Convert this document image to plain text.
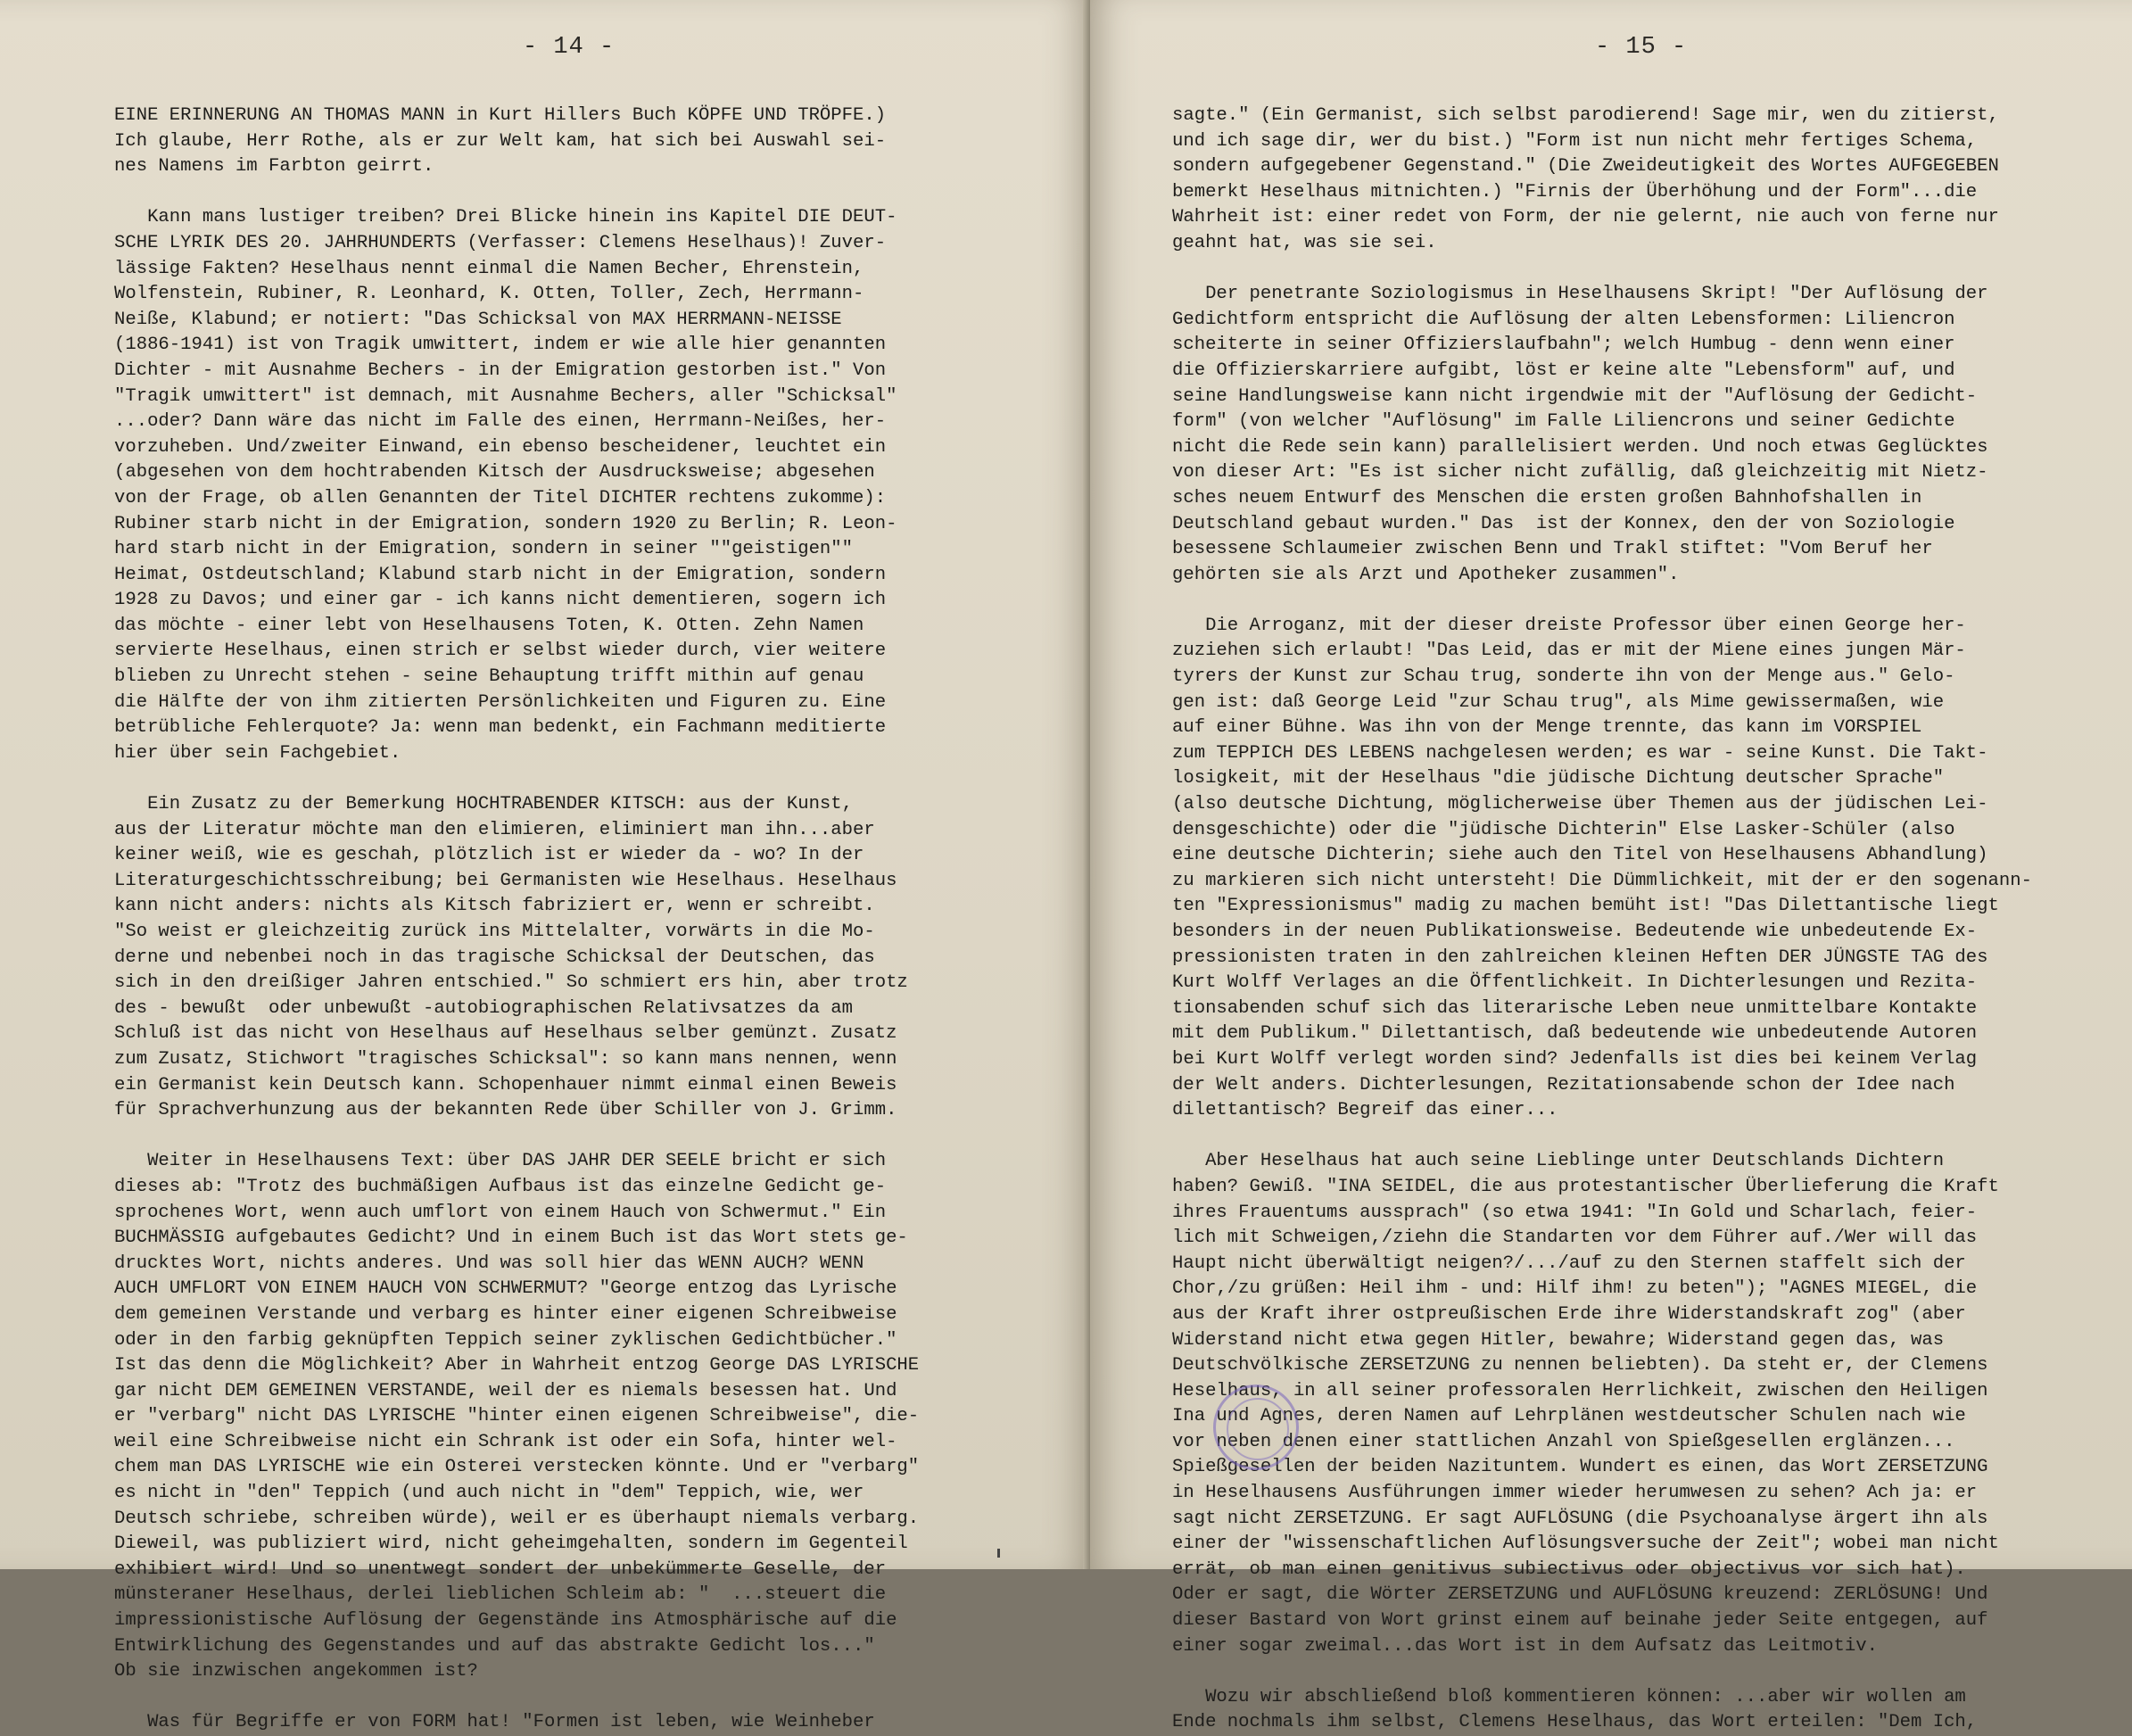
- 14 -
EINE ERINNERUNG AN THOMAS MANN in Kurt Hillers Buch KÖPFE UND TRÖPFE.)
Ich glaube, Herr Rothe, als er zur Welt kam, hat sich bei Auswahl sei-
nes Namens im Farbton geirrt.
Kann mans lustiger treiben? Drei Blicke hinein ins Kapitel DIE DEUT-
SCHE LYRIK DES 20. JAHRHUNDERTS (Verfasser: Clemens Heselhaus)! Zuver-
lässige Fakten? Heselhaus nennt einmal die Namen Becher, Ehrenstein,
Wolfenstein, Rubiner, R. Leonhard, K. Otten, Toller, Zech, Herrmann-
Neiße, Klabund; er notiert: "Das Schicksal von MAX HERRMANN-NEISSE
(1886-1941) ist von Tragik umwittert, indem er wie alle hier genannten
Dichter - mit Ausnahme Bechers - in der Emigration gestorben ist." Von
"Tragik umwittert" ist demnach, mit Ausnahme Bechers, aller "Schicksal"
...oder? Dann wäre das nicht im Falle des einen, Herrmann-Neißes, her-
vorzuheben. Und/zweiter Einwand, ein ebenso bescheidener, leuchtet ein
(abgesehen von dem hochtrabenden Kitsch der Ausdrucksweise; abgesehen
von der Frage, ob allen Genannten der Titel DICHTER rechtens zukomme):
Rubiner starb nicht in der Emigration, sondern 1920 zu Berlin; R. Leon-
hard starb nicht in der Emigration, sondern in seiner ""geistigen""
Heimat, Ostdeutschland; Klabund starb nicht in der Emigration, sondern
1928 zu Davos; und einer gar - ich kanns nicht dementieren, sogern ich
das möchte - einer lebt von Heselhausens Toten, K. Otten. Zehn Namen
servierte Heselhaus, einen strich er selbst wieder durch, vier weitere
blieben zu Unrecht stehen - seine Behauptung trifft mithin auf genau
die Hälfte der von ihm zitierten Persönlichkeiten und Figuren zu. Eine
betrübliche Fehlerquote? Ja: wenn man bedenkt, ein Fachmann meditierte
hier über sein Fachgebiet.
Ein Zusatz zu der Bemerkung HOCHTRABENDER KITSCH: aus der Kunst,
aus der Literatur möchte man den elimieren, eliminiert man ihn...aber
keiner weiß, wie es geschah, plötzlich ist er wieder da - wo? In der
Literaturgeschichtsschreibung; bei Germanisten wie Heselhaus. Heselhaus
kann nicht anders: nichts als Kitsch fabriziert er, wenn er schreibt.
"So weist er gleichzeitig zurück ins Mittelalter, vorwärts in die Mo-
derne und nebenbei noch in das tragische Schicksal der Deutschen, das
sich in den dreißiger Jahren entschied." So schmiert ers hin, aber trotz
des - bewußt  oder unbewußt -autobiographischen Relativsatzes da am
Schluß ist das nicht von Heselhaus auf Heselhaus selber gemünzt. Zusatz
zum Zusatz, Stichwort "tragisches Schicksal": so kann mans nennen, wenn
ein Germanist kein Deutsch kann. Schopenhauer nimmt einmal einen Beweis
für Sprachverhunzung aus der bekannten Rede über Schiller von J. Grimm.
Weiter in Heselhausens Text: über DAS JAHR DER SEELE bricht er sich
dieses ab: "Trotz des buchmäßigen Aufbaus ist das einzelne Gedicht ge-
sprochenes Wort, wenn auch umflort von einem Hauch von Schwermut." Ein
BUCHMÄSSIG aufgebautes Gedicht? Und in einem Buch ist das Wort stets ge-
drucktes Wort, nichts anderes. Und was soll hier das WENN AUCH? WENN
AUCH UMFLORT VON EINEM HAUCH VON SCHWERMUT? "George entzog das Lyrische
dem gemeinen Verstande und verbarg es hinter einer eigenen Schreibweise
oder in den farbig geknüpften Teppich seiner zyklischen Gedichtbücher."
Ist das denn die Möglichkeit? Aber in Wahrheit entzog George DAS LYRISCHE
gar nicht DEM GEMEINEN VERSTANDE, weil der es niemals besessen hat. Und
er "verbarg" nicht DAS LYRISCHE "hinter einen eigenen Schreibweise", die-
weil eine Schreibweise nicht ein Schrank ist oder ein Sofa, hinter wel-
chem man DAS LYRISCHE wie ein Osterei verstecken könnte. Und er "verbarg"
es nicht in "den" Teppich (und auch nicht in "dem" Teppich, wie, wer
Deutsch schriebe, schreiben würde), weil er es überhaupt niemals verbarg.
Dieweil, was publiziert wird, nicht geheimgehalten, sondern im Gegenteil
exhibiert wird! Und so unentwegt sondert der unbekümmerte Geselle, der
münsteraner Heselhaus, derlei lieblichen Schleim ab: "  ...steuert die
impressionistische Auflösung der Gegenstände ins Atmosphärische auf die
Entwirklichung des Gegenstandes und auf das abstrakte Gedicht los..."
Ob sie inzwischen angekommen ist?
Was für Begriffe er von FORM hat! "Formen ist leben, wie Weinheber
- 15 -
sagte." (Ein Germanist, sich selbst parodierend! Sage mir, wen du zitierst,
und ich sage dir, wer du bist.) "Form ist nun nicht mehr fertiges Schema,
sondern aufgegebener Gegenstand." (Die Zweideutigkeit des Wortes AUFGEGEBEN
bemerkt Heselhaus mitnichten.) "Firnis der Überhöhung und der Form"...die
Wahrheit ist: einer redet von Form, der nie gelernt, nie auch von ferne nur
geahnt hat, was sie sei.
Der penetrante Soziologismus in Heselhausens Skript! "Der Auflösung der
Gedichtform entspricht die Auflösung der alten Lebensformen: Liliencron
scheiterte in seiner Offizierslaufbahn"; welch Humbug - denn wenn einer
die Offizierskarriere aufgibt, löst er keine alte "Lebensform" auf, und
seine Handlungsweise kann nicht irgendwie mit der "Auflösung der Gedicht-
form" (von welcher "Auflösung" im Falle Liliencrons und seiner Gedichte
nicht die Rede sein kann) parallelisiert werden. Und noch etwas Geglücktes
von dieser Art: "Es ist sicher nicht zufällig, daß gleichzeitig mit Nietz-
sches neuem Entwurf des Menschen die ersten großen Bahnhofshallen in
Deutschland gebaut wurden." Das  ist der Konnex, den der von Soziologie
besessene Schlaumeier zwischen Benn und Trakl stiftet: "Vom Beruf her
gehörten sie als Arzt und Apotheker zusammen".
Die Arroganz, mit der dieser dreiste Professor über einen George her-
zuziehen sich erlaubt! "Das Leid, das er mit der Miene eines jungen Mär-
tyrers der Kunst zur Schau trug, sonderte ihn von der Menge aus." Gelo-
gen ist: daß George Leid "zur Schau trug", als Mime gewissermaßen, wie
auf einer Bühne. Was ihn von der Menge trennte, das kann im VORSPIEL
zum TEPPICH DES LEBENS nachgelesen werden; es war - seine Kunst. Die Takt-
losigkeit, mit der Heselhaus "die jüdische Dichtung deutscher Sprache"
(also deutsche Dichtung, möglicherweise über Themen aus der jüdischen Lei-
densgeschichte) oder die "jüdische Dichterin" Else Lasker-Schüler (also
eine deutsche Dichterin; siehe auch den Titel von Heselhausens Abhandlung)
zu markieren sich nicht untersteht! Die Dümmlichkeit, mit der er den sogenann-
ten "Expressionismus" madig zu machen bemüht ist! "Das Dilettantische liegt
besonders in der neuen Publikationsweise. Bedeutende wie unbedeutende Ex-
pressionisten traten in den zahlreichen kleinen Heften DER JÜNGSTE TAG des
Kurt Wolff Verlages an die Öffentlichkeit. In Dichterlesungen und Rezita-
tionsabenden schuf sich das literarische Leben neue unmittelbare Kontakte
mit dem Publikum." Dilettantisch, daß bedeutende wie unbedeutende Autoren
bei Kurt Wolff verlegt worden sind? Jedenfalls ist dies bei keinem Verlag
der Welt anders. Dichterlesungen, Rezitationsabende schon der Idee nach
dilettantisch? Begreif das einer...
Aber Heselhaus hat auch seine Lieblinge unter Deutschlands Dichtern
haben? Gewiß. "INA SEIDEL, die aus protestantischer Überlieferung die Kraft
ihres Frauentums aussprach" (so etwa 1941: "In Gold und Scharlach, feier-
lich mit Schweigen,/ziehn die Standarten vor dem Führer auf./Wer will das
Haupt nicht überwältigt neigen?/.../auf zu den Sternen staffelt sich der
Chor,/zu grüßen: Heil ihm - und: Hilf ihm! zu beten"); "AGNES MIEGEL, die
aus der Kraft ihrer ostpreußischen Erde ihre Widerstandskraft zog" (aber
Widerstand nicht etwa gegen Hitler, bewahre; Widerstand gegen das, was
Deutschvölkische ZERSETZUNG zu nennen beliebten). Da steht er, der Clemens
Heselhaus, in all seiner professoralen Herrlichkeit, zwischen den Heiligen
Ina und Agnes, deren Namen auf Lehrplänen westdeutscher Schulen nach wie
vor neben denen einer stattlichen Anzahl von Spießgesellen erglänzen...
Spießgesellen der beiden Nazituntem. Wundert es einen, das Wort ZERSETZUNG
in Heselhausens Ausführungen immer wieder herumwesen zu sehen? Ach ja: er
sagt nicht ZERSETZUNG. Er sagt AUFLÖSUNG (die Psychoanalyse ärgert ihn als
einer der "wissenschaftlichen Auflösungsversuche der Zeit"; wobei man nicht
errät, ob man einen genitivus subiectivus oder objectivus vor sich hat).
Oder er sagt, die Wörter ZERSETZUNG und AUFLÖSUNG kreuzend: ZERLÖSUNG! Und
dieser Bastard von Wort grinst einem auf beinahe jeder Seite entgegen, auf
einer sogar zweimal...das Wort ist in dem Aufsatz das Leitmotiv.
Wozu wir abschließend bloß kommentieren können: ...aber wir wollen am
Ende nochmals ihm selbst, Clemens Heselhaus, das Wort erteilen: "Dem Ich,
